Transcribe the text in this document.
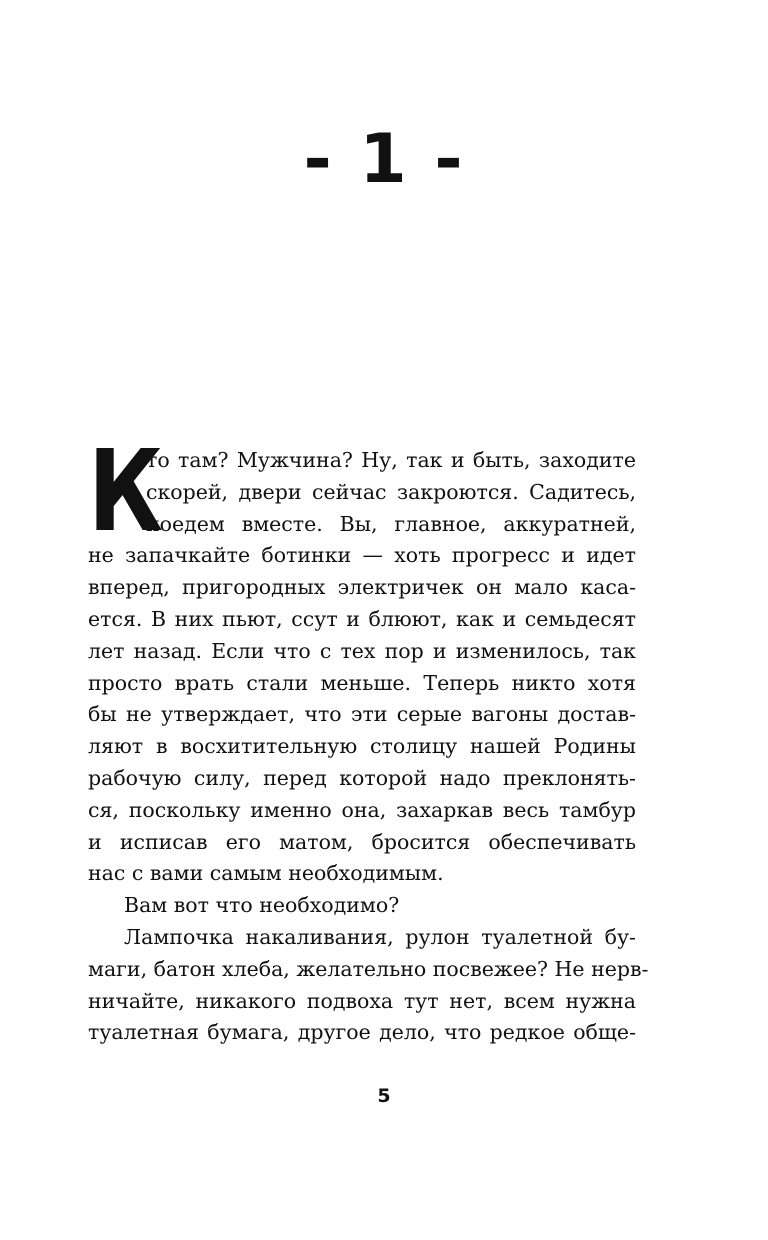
- 1 -
К
то там? Мужчина? Ну, так и быть, заходите
скорей, двери сейчас закроются. Садитесь,
поедем вместе. Вы, главное, аккуратней,
не запачкайте ботинки — хоть прогресс и идет
вперед, пригородных электричек он мало каса-
ется. В них пьют, ссут и блюют, как и семьдесят
лет назад. Если что с тех пор и изменилось, так
просто врать стали меньше. Теперь никто хотя
бы не утверждает, что эти серые вагоны достав-
ляют в восхитительную столицу нашей Родины
рабочую силу, перед которой надо преклонять-
ся, поскольку именно она, захаркав весь тамбур
и исписав его матом, бросится обеспечивать
нас с вами самым необходимым.
Вам вот что необходимо?
Лампочка накаливания, рулон туалетной бу-
маги, батон хлеба, желательно посвежее? Не нерв-
ничайте, никакого подвоха тут нет, всем нужна
туалетная бумага, другое дело, что редкое обще-
5
